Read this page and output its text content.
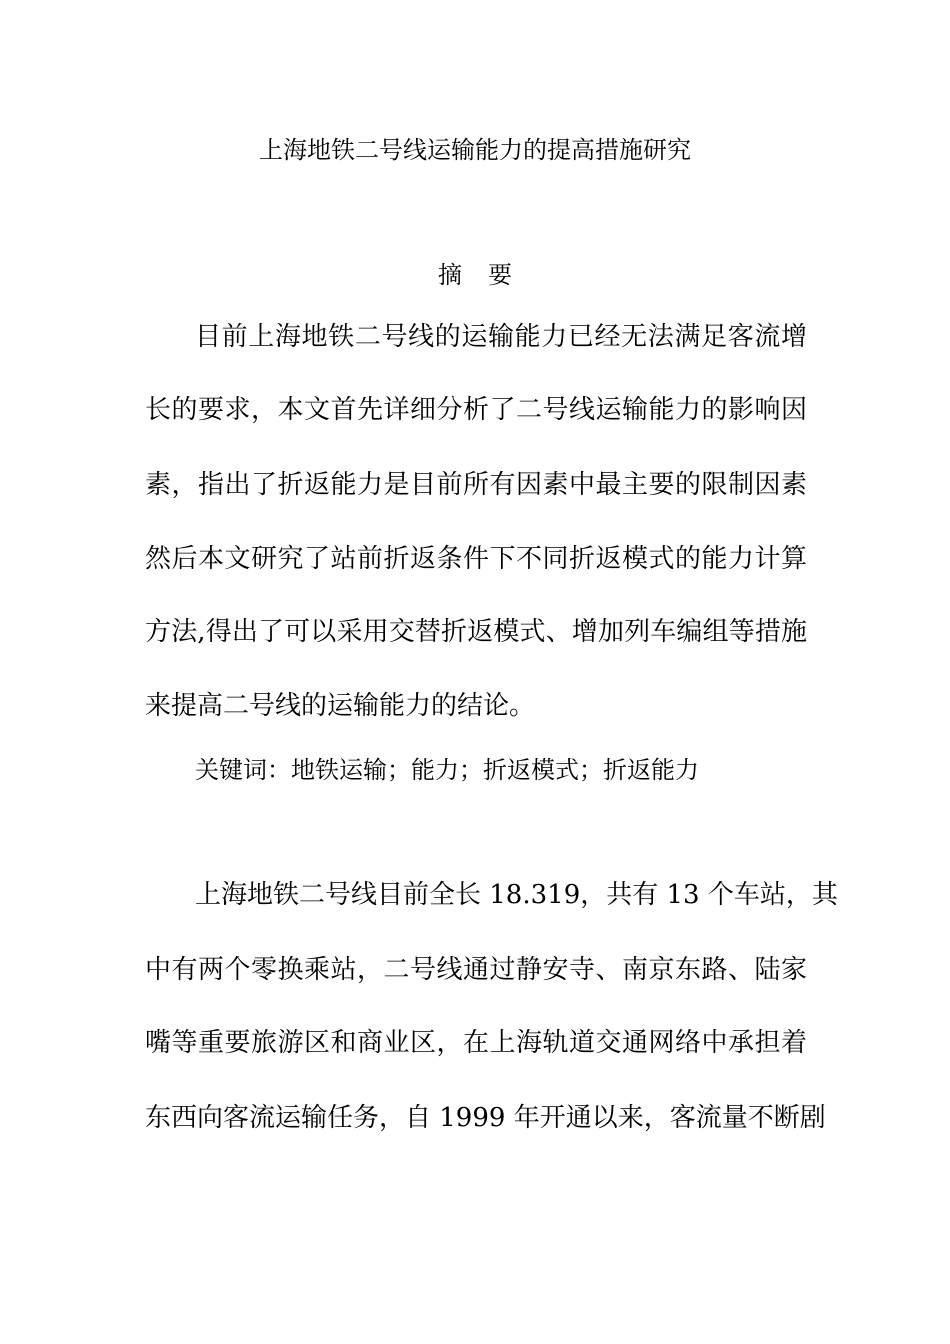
上海地铁二号线运输能力的提高措施研究
摘 要
目前上海地铁二号线的运输能力已经无法满足客流增
长的要求，本文首先详细分析了二号线运输能力的影响因
素，指出了折返能力是目前所有因素中最主要的限制因素
然后本文研究了站前折返条件下不同折返模式的能力计算
方法,得出了可以采用交替折返模式、增加列车编组等措施
来提高二号线的运输能力的结论。
关键词：地铁运输；能力；折返模式；折返能力
上海地铁二号线目前全长 18.319，共有 13 个车站，其
中有两个零换乘站，二号线通过静安寺、南京东路、陆家
嘴等重要旅游区和商业区，在上海轨道交通网络中承担着
东西向客流运输任务，自 1999 年开通以来，客流量不断剧
